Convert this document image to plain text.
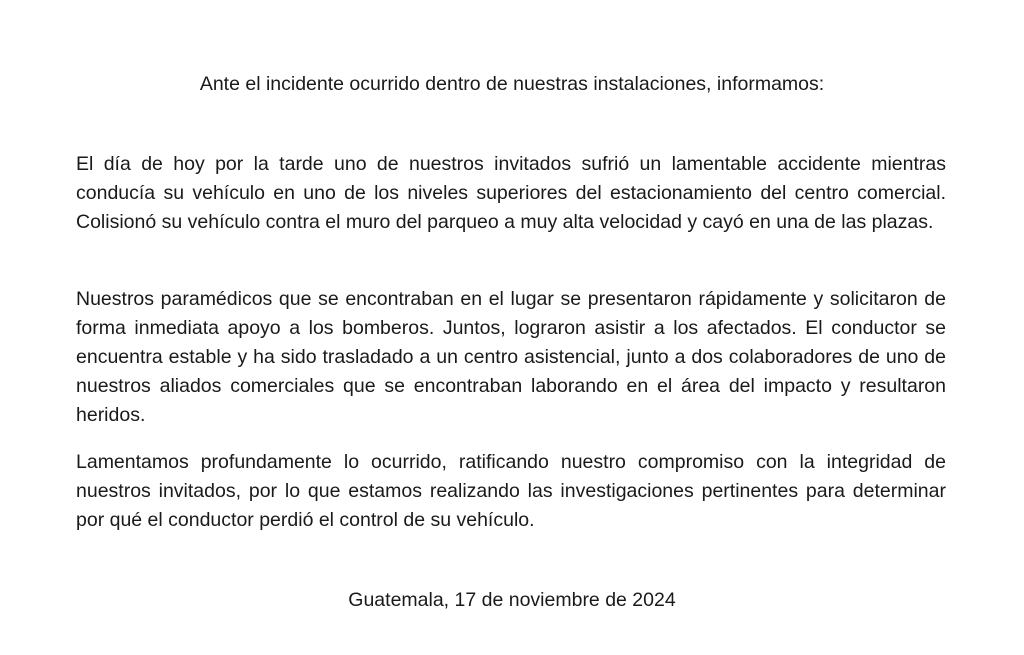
Ante el incidente ocurrido dentro de nuestras instalaciones, informamos:

El día de hoy por la tarde uno de nuestros invitados sufrió un lamentable accidente mientras conducía su vehículo en uno de los niveles superiores del estacionamiento del centro comercial. Colisionó su vehículo contra el muro del parqueo a muy alta velocidad y cayó en una de las plazas.

Nuestros paramédicos que se encontraban en el lugar se presentaron rápidamente y solicitaron de forma inmediata apoyo a los bomberos. Juntos, lograron asistir a los afectados. El conductor se encuentra estable y ha sido trasladado a un centro asistencial, junto a dos colaboradores de uno de nuestros aliados comerciales que se encontraban laborando en el área del impacto y resultaron heridos.

Lamentamos profundamente lo ocurrido, ratificando nuestro compromiso con la integridad de nuestros invitados, por lo que estamos realizando las investigaciones pertinentes para determinar por qué el conductor perdió el control de su vehículo.

Guatemala, 17 de noviembre de 2024
